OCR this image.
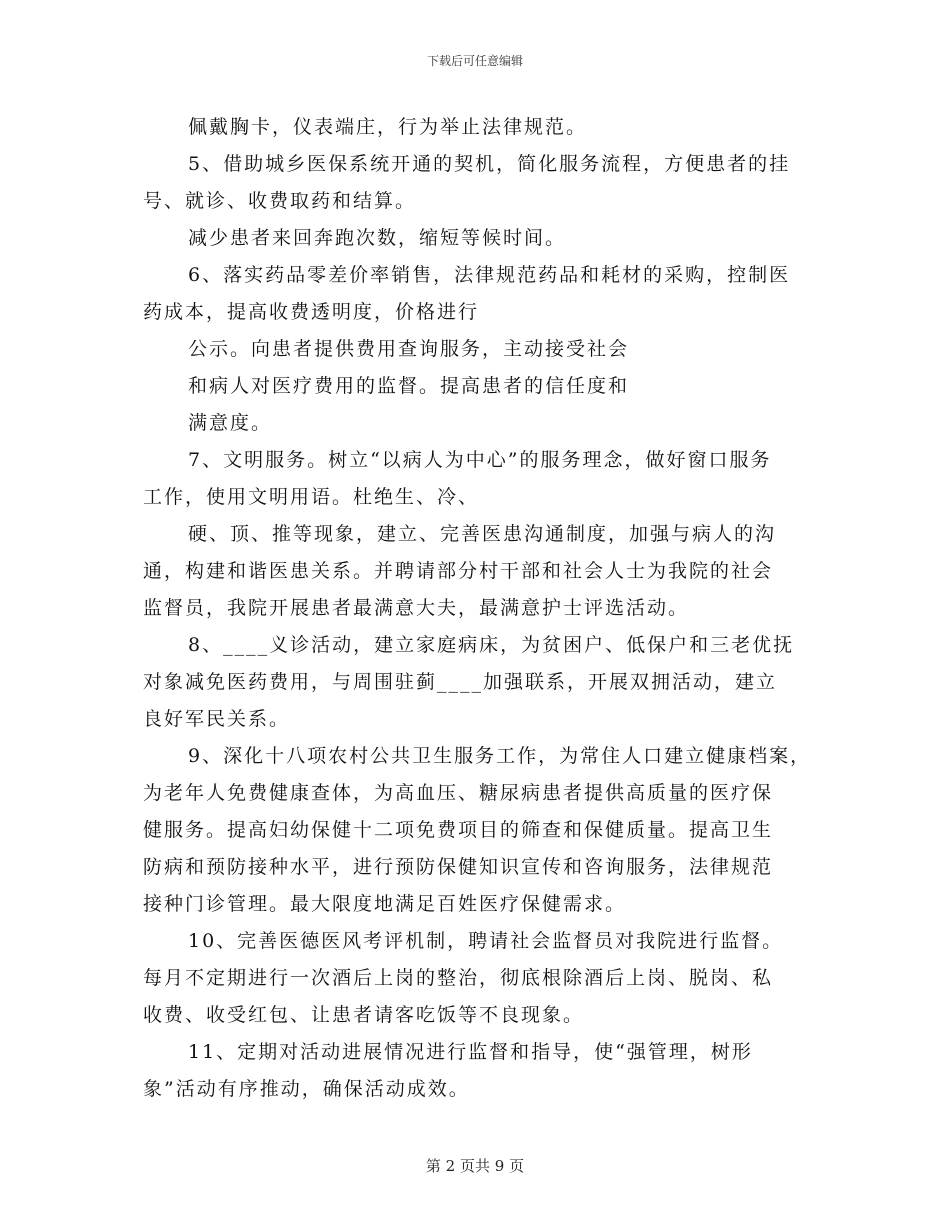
下载后可任意编辑
佩戴胸卡，仪表端庄，行为举止法律规范。
5、借助城乡医保系统开通的契机，简化服务流程，方便患者的挂
号、就诊、收费取药和结算。
减少患者来回奔跑次数，缩短等候时间。
6、落实药品零差价率销售，法律规范药品和耗材的采购，控制医
药成本，提高收费透明度，价格进行
公示。向患者提供费用查询服务，主动接受社会
和病人对医疗费用的监督。提高患者的信任度和
满意度。
7、文明服务。树立“以病人为中心”的服务理念，做好窗口服务
工作，使用文明用语。杜绝生、冷、
硬、顶、推等现象，建立、完善医患沟通制度，加强与病人的沟
通，构建和谐医患关系。并聘请部分村干部和社会人士为我院的社会
监督员，我院开展患者最满意大夫，最满意护士评选活动。
8、____义诊活动，建立家庭病床，为贫困户、低保户和三老优抚
对象减免医药费用，与周围驻蓟____加强联系，开展双拥活动，建立
良好军民关系。
9、深化十八项农村公共卫生服务工作，为常住人口建立健康档案，
为老年人免费健康查体，为高血压、糖尿病患者提供高质量的医疗保
健服务。提高妇幼保健十二项免费项目的筛查和保健质量。提高卫生
防病和预防接种水平，进行预防保健知识宣传和咨询服务，法律规范
接种门诊管理。最大限度地满足百姓医疗保健需求。
10、完善医德医风考评机制，聘请社会监督员对我院进行监督。
每月不定期进行一次酒后上岗的整治，彻底根除酒后上岗、脱岗、私
收费、收受红包、让患者请客吃饭等不良现象。
11、定期对活动进展情况进行监督和指导，使“强管理，树形
象”活动有序推动，确保活动成效。
第 2 页共 9 页
